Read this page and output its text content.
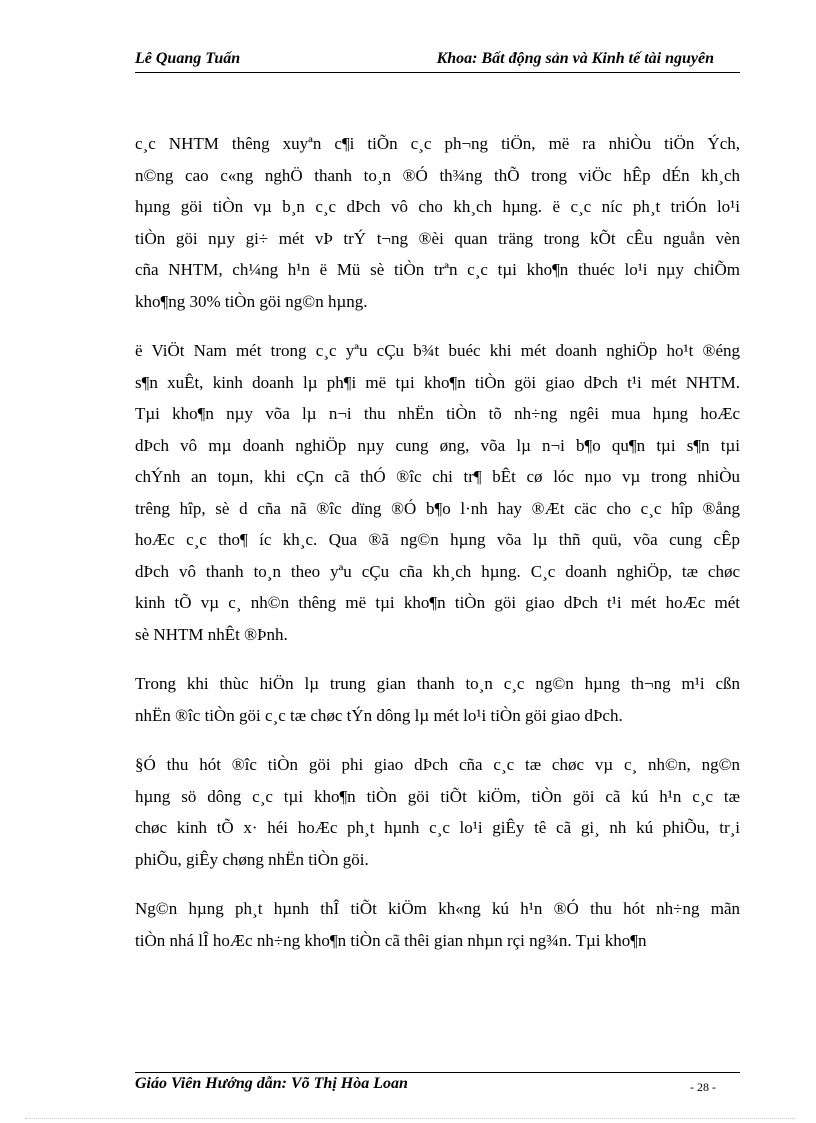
Lê Quang Tuấn	Khoa: Bất động sản và Kinh tế tài nguyên

c¸c NHTM thêng xuyªn c¶i tiÕn c¸c ph¬ng tiÖn, më ra nhiÒu tiÖn Ých,
n©ng cao c«ng nghÖ thanh to¸n ®Ó th¾ng thÕ trong viÖc hÊp dÉn kh¸ch
hµng göi tiÒn vµ b¸n c¸c dÞch vô cho kh¸ch hµng. ë c¸c níc ph¸t triÓn lo¹i
tiÒn göi nµy gi÷ mét vÞ trÝ t¬ng ®èi quan träng trong kÕt cÊu nguån vèn
cña NHTM, ch¼ng h¹n ë Mü sè tiÒn trªn c¸c tµi kho¶n thuéc lo¹i nµy chiÕm
kho¶ng 30% tiÒn göi ng©n hµng.

ë ViÖt Nam mét trong c¸c yªu cÇu b¾t buéc khi mét doanh nghiÖp ho¹t ®éng
s¶n xuÊt, kinh doanh lµ ph¶i më tµi kho¶n tiÒn göi giao dÞch t¹i mét NHTM.
Tµi kho¶n nµy võa lµ n¬i thu nhËn tiÒn tõ nh÷ng ngêi mua hµng hoÆc
dÞch vô mµ doanh nghiÖp nµy cung øng, võa lµ n¬i b¶o qu¶n tµi s¶n tµi
chÝnh an toµn, khi cÇn cã thÓ ®îc chi tr¶ bÊt cø lóc nµo vµ trong nhiÒu
trêng hîp, sè d cña nã ®îc dïng ®Ó b¶o l·nh hay ®Æt cäc cho c¸c hîp ®ång
hoÆc c¸c tho¶ íc kh¸c. Qua ®ã ng©n hµng võa lµ thñ quü, võa cung cÊp
dÞch vô thanh to¸n theo yªu cÇu cña kh¸ch hµng. C¸c doanh nghiÖp, tæ chøc
kinh tÕ vµ c¸ nh©n thêng më tµi kho¶n tiÒn göi giao dÞch t¹i mét hoÆc mét
sè NHTM nhÊt ®Þnh.

Trong khi thùc hiÖn lµ trung gian thanh to¸n c¸c ng©n hµng th¬ng m¹i cßn
nhËn ®îc tiÒn göi c¸c tæ chøc tÝn dông lµ mét lo¹i tiÒn göi giao dÞch.

§Ó thu hót ®îc tiÒn göi phi giao dÞch cña c¸c tæ chøc vµ c¸ nh©n, ng©n
hµng sö dông c¸c tµi kho¶n tiÒn göi tiÕt kiÖm, tiÒn göi cã kú h¹n c¸c tæ
chøc kinh tÕ x· héi hoÆc ph¸t hµnh c¸c lo¹i giÊy tê cã gi¸ nh kú phiÕu, tr¸i
phiÕu, giÊy chøng nhËn tiÒn göi.

Ng©n hµng ph¸t hµnh thÎ tiÕt kiÖm kh«ng kú h¹n ®Ó thu hót nh÷ng mãn
tiÒn nhá lÎ hoÆc nh÷ng kho¶n tiÒn cã thêi gian nhµn rçi ng¾n. Tµi kho¶n

Giáo Viên Hướng dẫn: Võ Thị Hòa Loan	- 28 -
